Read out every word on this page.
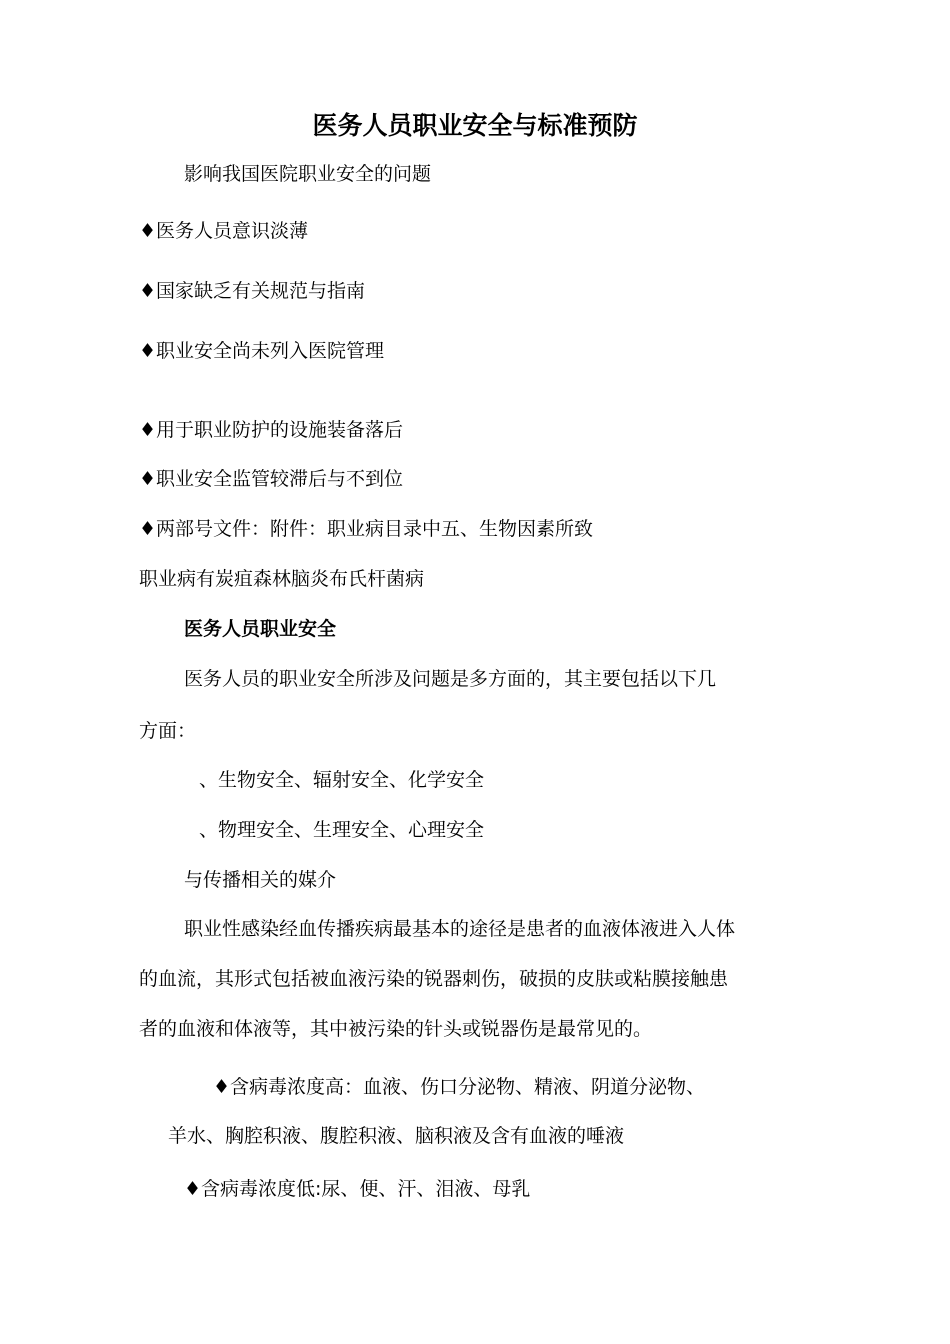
医务人员职业安全与标准预防
影响我国医院职业安全的问题
♦医务人员意识淡薄
♦国家缺乏有关规范与指南
♦职业安全尚未列入医院管理
♦用于职业防护的设施装备落后
♦职业安全监管较滞后与不到位
♦两部号文件：附件：职业病目录中五、生物因素所致
职业病有炭疽森林脑炎布氏杆菌病
医务人员职业安全
医务人员的职业安全所涉及问题是多方面的，其主要包括以下几
方面：
、生物安全、辐射安全、化学安全
、物理安全、生理安全、心理安全
与传播相关的媒介
职业性感染经血传播疾病最基本的途径是患者的血液体液进入人体
的血流，其形式包括被血液污染的锐器刺伤，破损的皮肤或粘膜接触患
者的血液和体液等，其中被污染的针头或锐器伤是最常见的。
♦含病毒浓度高：血液、伤口分泌物、精液、阴道分泌物、
羊水、胸腔积液、腹腔积液、脑积液及含有血液的唾液
♦含病毒浓度低:尿、便、汗、泪液、母乳
